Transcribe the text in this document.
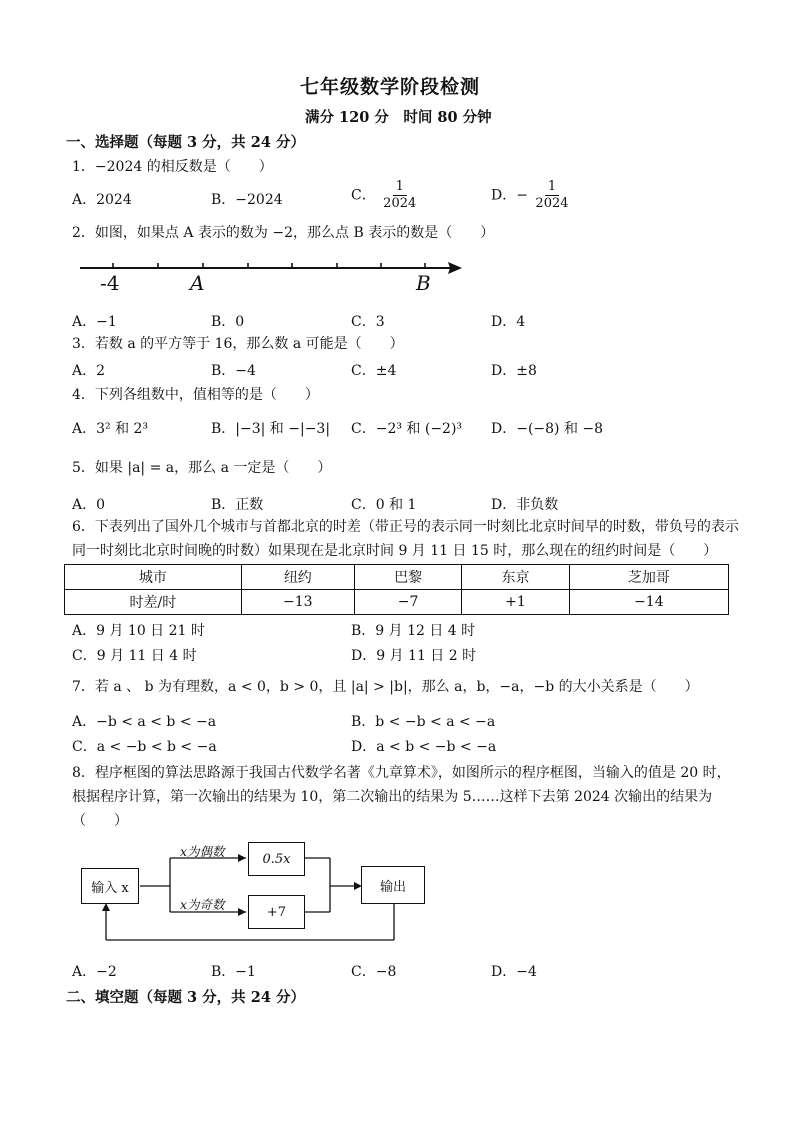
七年级数学阶段检测
满分 120 分　时间 80 分钟
一、选择题（每题 3 分，共 24 分）
1．−2024 的相反数是（　　）
A．2024	B．−2024	C． $\frac{1}{2024}$	D．− $\frac{1}{2024}$
2．如图，如果点 A 表示的数为 −2，那么点 B 表示的数是（　　）
-4	A	B
A．−1	B．0	C．3	D．4
3．若数 a 的平方等于 16，那么数 a 可能是（　　）
A．2	B．−4	C．±4	D．±8
4．下列各组数中，值相等的是（　　）
A．3² 和 2³	B．|−3| 和 −|−3| C．−2³ 和 (−2)³ D．−(−8) 和 −8
5．如果 |a| = a，那么 a 一定是（　　）
A．0	B．正数	C．0 和 1	D．非负数
6．下表列出了国外几个城市与首都北京的时差（带正号的表示同一时刻比北京时间早的时数，带负号的表示同一时刻比北京时间晚的时数）如果现在是北京时间 9 月 11 日 15 时，那么现在的纽约时间是（　　）
城市	纽约	巴黎	东京	芝加哥
时差/时	−13	−7	+1	−14
A．9 月 10 日 21 时	B．9 月 12 日 4 时
C．9 月 11 日 4 时	D．9 月 11 日 2 时
7．若 a 、 b 为有理数，a < 0，b > 0，且 |a| > |b|，那么 a，b，−a，−b 的大小关系是（　　）
A．−b < a < b < −a	B．b < −b < a < −a
C．a < −b < b < −a	D．a < b < −b < −a
8．程序框图的算法思路源于我国古代数学名著《九章算术》，如图所示的程序框图，当输入的值是 20 时，根据程序计算，第一次输出的结果为 10，第二次输出的结果为 5……这样下去第 2024 次输出的结果为（　　）
输入 x
x为偶数
x为奇数
0.5x
+7
输出
A．−2	B．−1	C．−8	D．−4
二、填空题（每题 3 分，共 24 分）
